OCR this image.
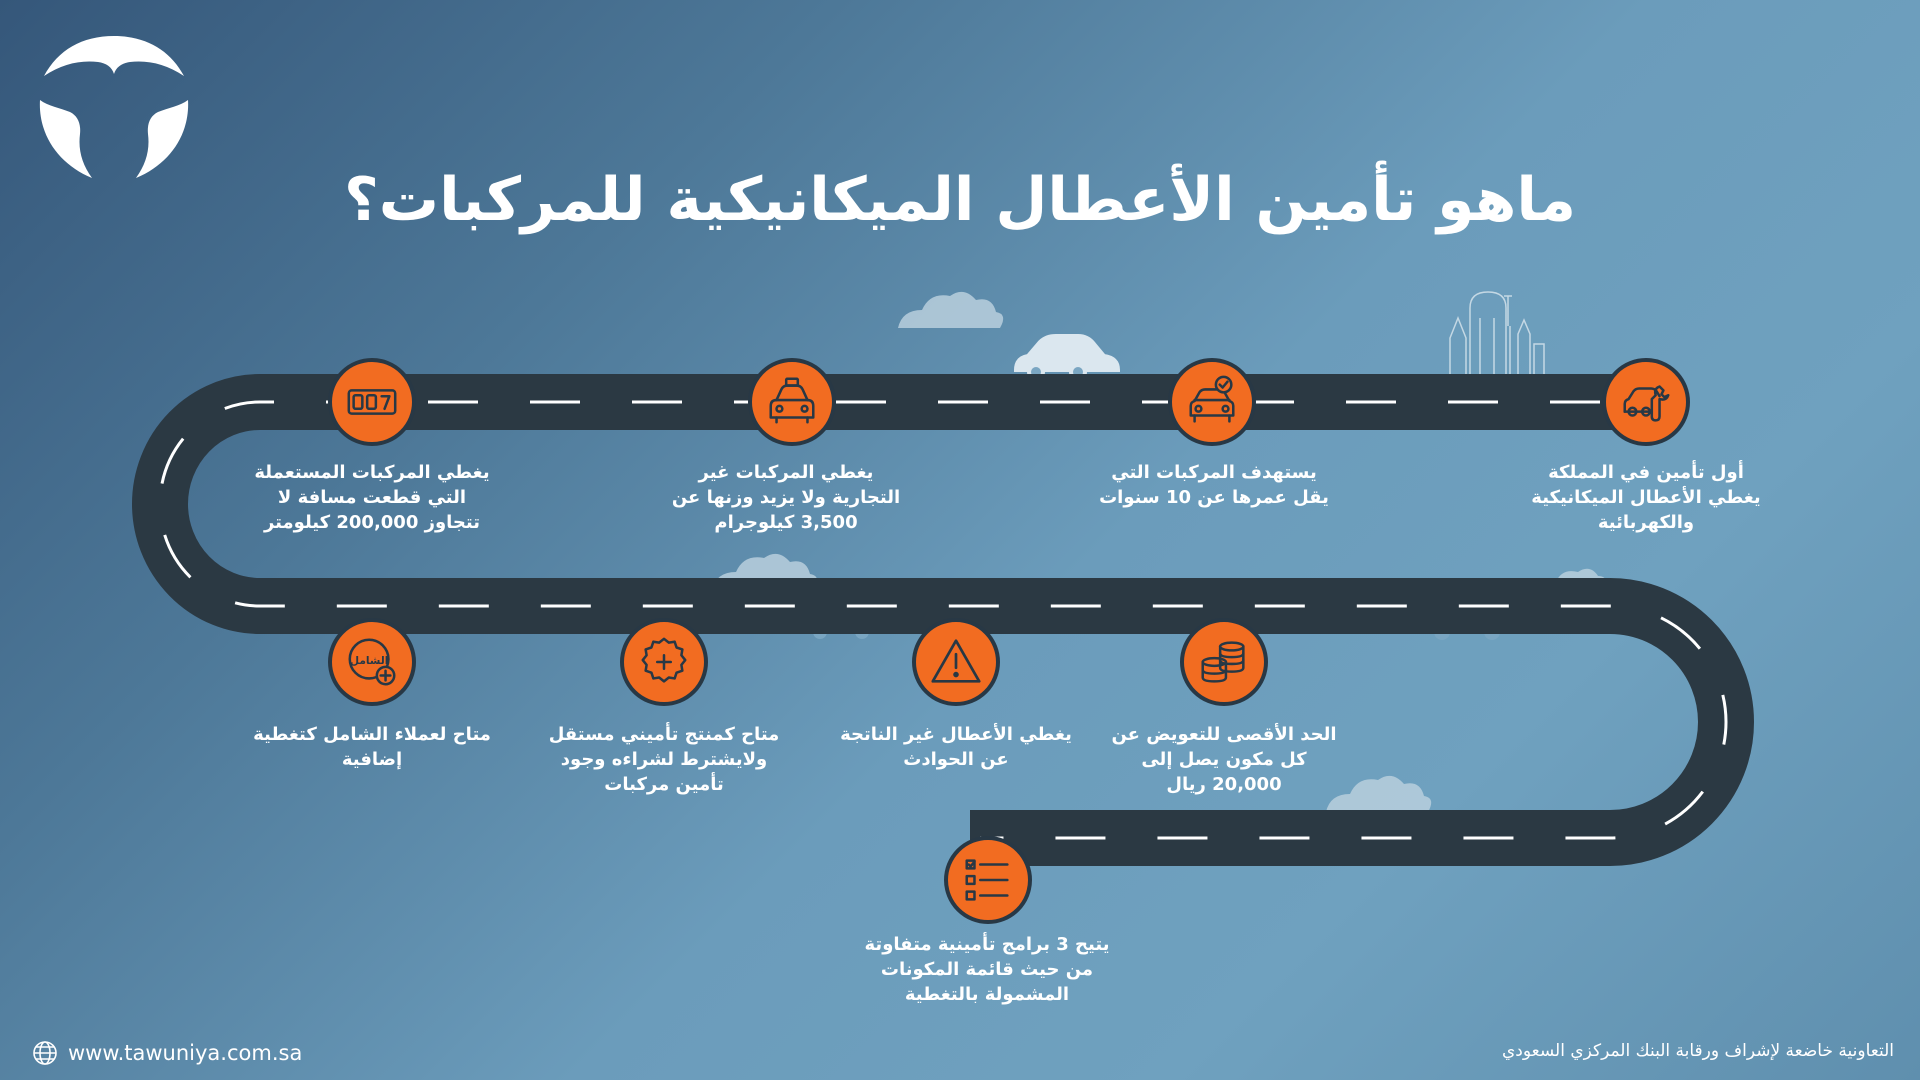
ماهو تأمين الأعطال الميكانيكية للمركبات؟
أول تأمين في المملكة يغطي الأعطال الميكانيكية والكهربائية
يستهدف المركبات التي يقل عمرها عن 10 سنوات
يغطي المركبات غير التجارية ولا يزيد وزنها عن 3,500 كيلوجرام
يغطي المركبات المستعملة التي قطعت مسافة لا تتجاوز 200,000 كيلومتر
الشامل
متاح لعملاء الشامل كتغطية إضافية
متاح كمنتج تأميني مستقل ولايشترط لشراءه وجود تأمين مركبات
يغطي الأعطال غير الناتجة عن الحوادث
الحد الأقصى للتعويض عن كل مكون يصل إلى 20,000 ريال
يتيح 3 برامج تأمينية متفاوتة من حيث قائمة المكونات المشمولة بالتغطية
www.tawuniya.com.sa	التعاونية خاضعة لإشراف ورقابة البنك المركزي السعودي
